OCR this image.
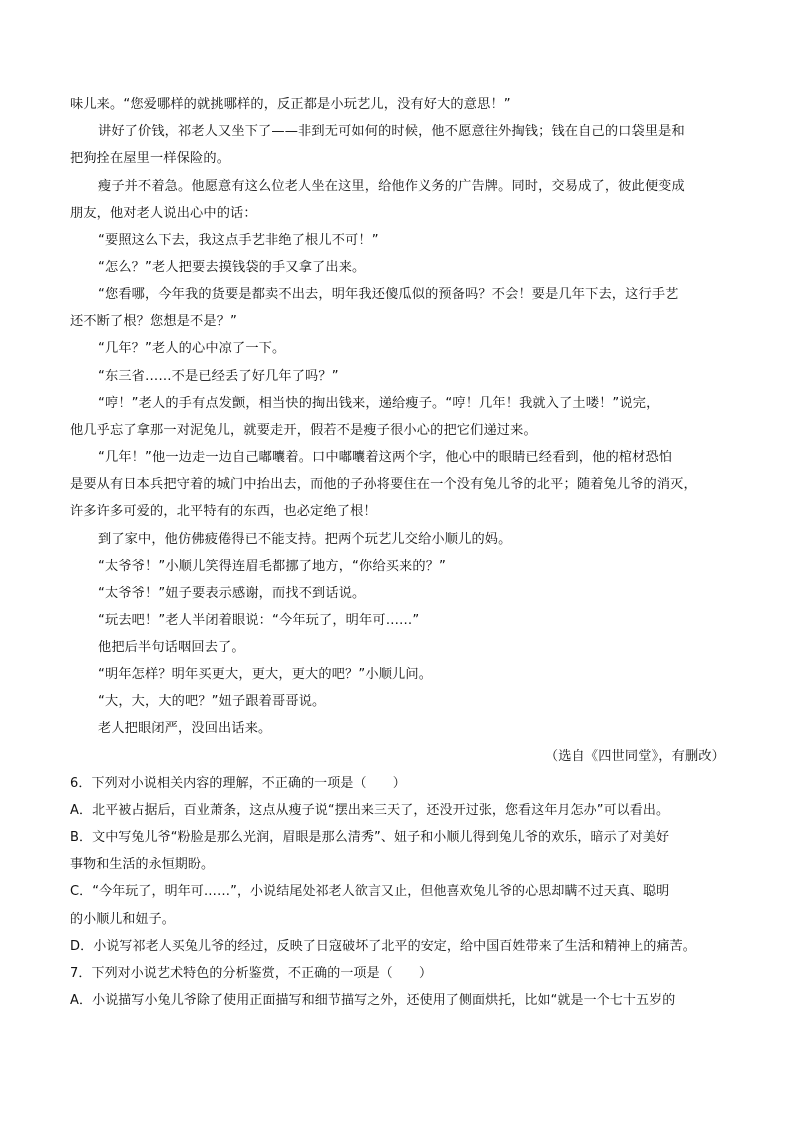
味儿来。“您爱哪样的就挑哪样的，反正都是小玩艺儿，没有好大的意思！”

讲好了价钱，祁老人又坐下了——非到无可如何的时候，他不愿意往外掏钱；钱在自己的口袋里是和

把狗拴在屋里一样保险的。

瘦子并不着急。他愿意有这么位老人坐在这里，给他作义务的广告牌。同时，交易成了，彼此便变成

朋友，他对老人说出心中的话：

“要照这么下去，我这点手艺非绝了根儿不可！”

“怎么？”老人把要去摸钱袋的手又拿了出来。

“您看哪，今年我的货要是都卖不出去，明年我还傻瓜似的预备吗？不会！要是几年下去，这行手艺

还不断了根？您想是不是？”

“几年？”老人的心中凉了一下。

“东三省……不是已经丢了好几年了吗？”

“哼！”老人的手有点发颤，相当快的掏出钱来，递给瘦子。“哼！几年！我就入了土喽！”说完，

他几乎忘了拿那一对泥兔儿，就要走开，假若不是瘦子很小心的把它们递过来。

“几年！”他一边走一边自己嘟囔着。口中嘟囔着这两个字，他心中的眼睛已经看到，他的棺材恐怕

是要从有日本兵把守着的城门中抬出去，而他的子孙将要住在一个没有兔儿爷的北平；随着兔儿爷的消灭，

许多许多可爱的，北平特有的东西，也必定绝了根！

到了家中，他仿佛疲倦得已不能支持。把两个玩艺儿交给小顺儿的妈。

“太爷爷！”小顺儿笑得连眉毛都挪了地方，“你给买来的？”

“太爷爷！”妞子要表示感谢，而找不到话说。

“玩去吧！”老人半闭着眼说：“今年玩了，明年可……”

他把后半句话咽回去了。

“明年怎样？明年买更大，更大，更大的吧？”小顺儿问。

“大，大，大的吧？”妞子跟着哥哥说。

老人把眼闭严，没回出话来。

（选自《四世同堂》，有删改）

6．下列对小说相关内容的理解，不正确的一项是（　　）

A．北平被占据后，百业萧条，这点从瘦子说“摆出来三天了，还没开过张，您看这年月怎办”可以看出。

B．文中写兔儿爷“粉脸是那么光润，眉眼是那么清秀”、妞子和小顺儿得到兔儿爷的欢乐，暗示了对美好

事物和生活的永恒期盼。

C．“今年玩了，明年可……”，小说结尾处祁老人欲言又止，但他喜欢兔儿爷的心思却瞒不过天真、聪明

的小顺儿和妞子。

D．小说写祁老人买兔儿爷的经过，反映了日寇破坏了北平的安定，给中国百姓带来了生活和精神上的痛苦。

7．下列对小说艺术特色的分析鉴赏，不正确的一项是（　　）

A．小说描写小兔儿爷除了使用正面描写和细节描写之外，还使用了侧面烘托，比如“就是一个七十五岁的
